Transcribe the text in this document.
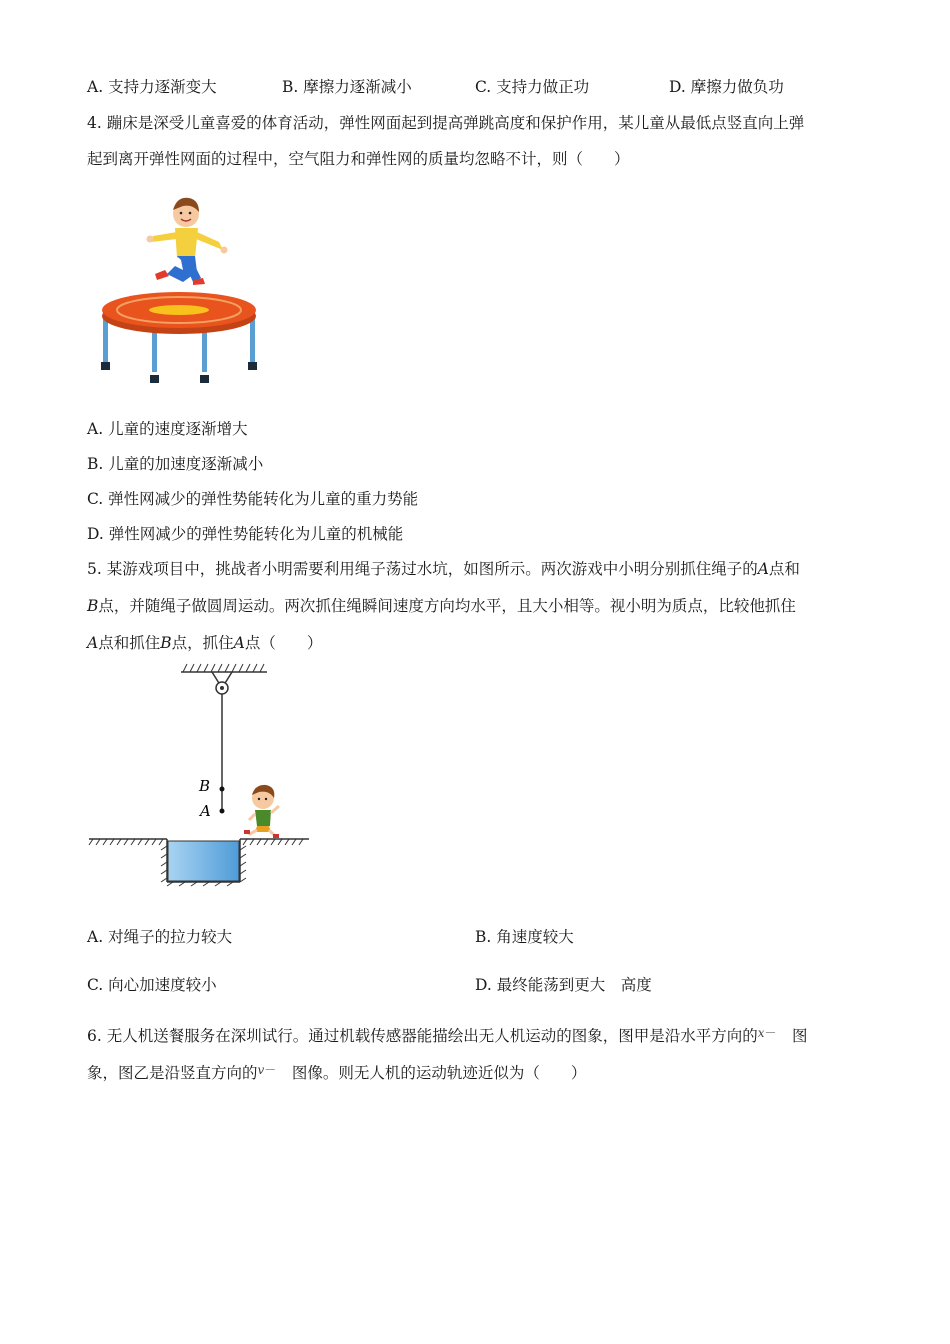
A. 支持力逐渐变大	B. 摩擦力逐渐减小	C. 支持力做正功	D. 摩擦力做负功
4. 蹦床是深受儿童喜爱的体育活动，弹性网面起到提高弹跳高度和保护作用，某儿童从最低点竖直向上弹
起到离开弹性网面的过程中，空气阻力和弹性网的质量均忽略不计，则（　　）
A. 儿童的速度逐渐增大
B. 儿童的加速度逐渐减小
C. 弹性网减少的弹性势能转化为儿童的重力势能
D. 弹性网减少的弹性势能转化为儿童的机械能
5. 某游戏项目中，挑战者小明需要利用绳子荡过水坑，如图所示。两次游戏中小明分别抓住绳子的A点和
B点，并随绳子做圆周运动。两次抓住绳瞬间速度方向均水平，且大小相等。视小明为质点，比较他抓住
A点和抓住B点，抓住A点（　　）
B
A
A. 对绳子的拉力较大	B. 角速度较大
C. 向心加速度较小	D. 最终能荡到更大　高度
6. 无人机送餐服务在深圳试行。通过机载传感器能描绘出无人机运动的图象，图甲是沿水平方向的$^{x-}$　 图
象，图乙是沿竖直方向的$^{v-}$　 图像。则无人机的运动轨迹近似为（　　）
